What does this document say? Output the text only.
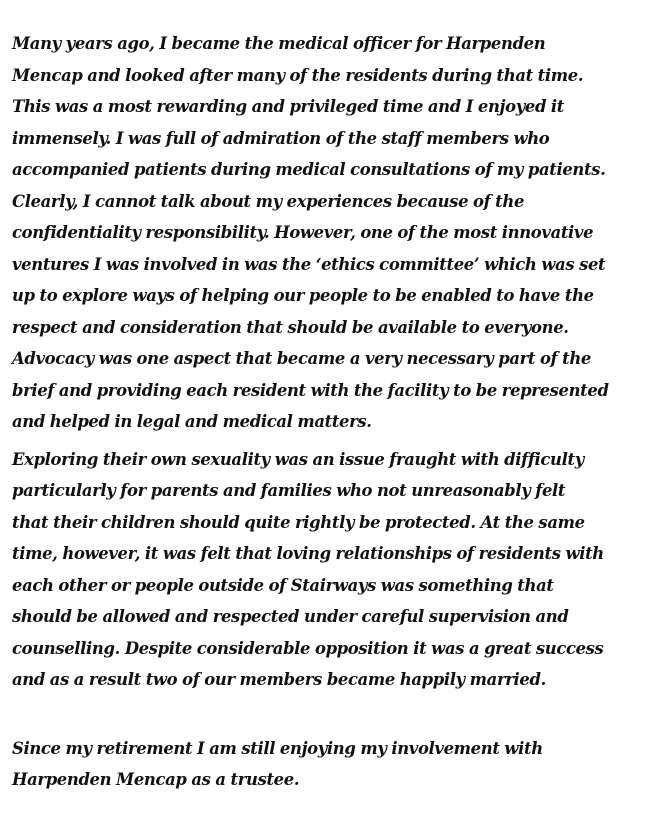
Many years ago, I became the medical officer for Harpenden
Mencap and looked after many of the residents during that time.
This was a most rewarding and privileged time and I enjoyed it
immensely. I was full of admiration of the staff members who
accompanied patients during medical consultations of my patients.
Clearly, I cannot talk about my experiences because of the
confidentiality responsibility. However, one of the most innovative
ventures I was involved in was the ‘ethics committee’ which was set
up to explore ways of helping our people to be enabled to have the
respect and consideration that should be available to everyone.
Advocacy was one aspect that became a very necessary part of the
brief and providing each resident with the facility to be represented
and helped in legal and medical matters.

Exploring their own sexuality was an issue fraught with difficulty
particularly for parents and families who not unreasonably felt
that their children should quite rightly be protected. At the same
time, however, it was felt that loving relationships of residents with
each other or people outside of Stairways was something that
should be allowed and respected under careful supervision and
counselling. Despite considerable opposition it was a great success
and as a result two of our members became happily married.

Since my retirement I am still enjoying my involvement with
Harpenden Mencap as a trustee.
